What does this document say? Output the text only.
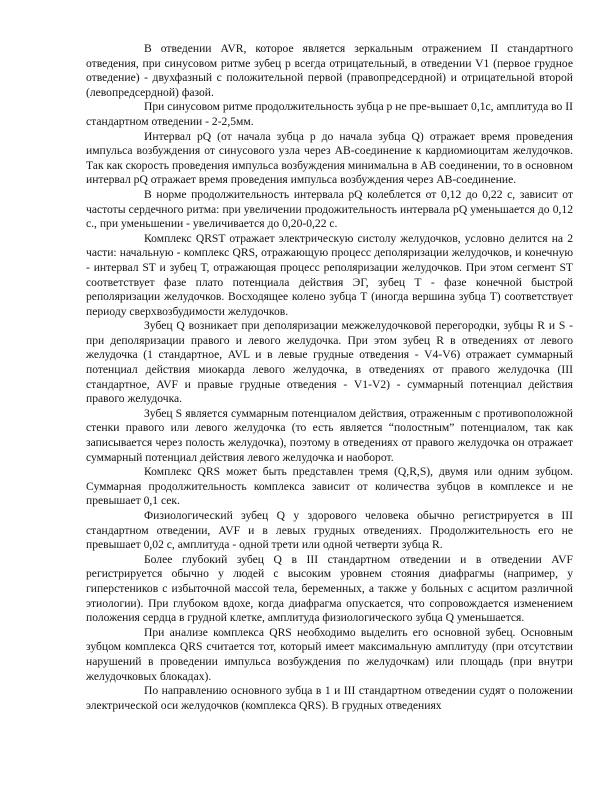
В отведении AVR, которое является зеркальным отражением II стандартного отведения, при синусовом ритме зубец р всегда отрицательный, в отведении V1 (первое грудное отведение) - двухфазный с положительной первой (правопредсердной) и отрицательной второй (левопредсердной) фазой.

При синусовом ритме продолжительность зубца р не пре-вышает 0,1с, амплитуда во II стандартном отведении - 2-2,5мм.

Интервал pQ (от начала зубца р до начала зубца Q) отражает время проведения импульса возбуждения от синусового узла через АВ-соединение к кардиомиоцитам желудочков. Так как скорость проведения импульса возбуждения минимальна в АВ соединении, то в основном интервал pQ отражает время проведения импульса возбуждения через АВ-соединение.

В норме продолжительность интервала pQ колеблется от 0,12 до 0,22 с, зависит от частоты сердечного ритма: при увеличении продожительность интервала pQ уменьшается до 0,12 с., при уменьшении - увеличивается до 0,20-0,22 с.

Комплекс QRST отражает электрическую систолу желудочков, условно делится на 2 части: начальную - комплекс QRS, отражающую процесс деполяризации желудочков, и конечную - интервал ST и зубец Т, отражающая процесс реполяризации желудочков. При этом сегмент ST соответствует фазе плато потенциала действия ЭГ, зубец Т - фазе конечной быстрой реполяризации желудочков. Восходящее колено зубца Т (иногда вершина зубца Т) соответствует периоду сверхвозбудимости желудочков.

Зубец Q возникает при деполяризации межжелудочковой перегородки, зубцы R и S - при деполяризации правого и левого желудочка. При этом зубец R в отведениях от левого желудочка (1 стандартное, AVL и в левые грудные отведения - V4-V6) отражает суммарный потенциал действия миокарда левого желудочка, в отведениях от правого желудочка (III стандартное, AVF и правые грудные отведения - V1-V2) - суммарный потенциал действия правого желудочка.

Зубец S является суммарным потенциалом действия, отраженным с противоположной стенки правого или левого желудочка (то есть является “полостным” потенциалом, так как записывается через полость желудочка), поэтому в отведениях от правого желудочка он отражает суммарный потенциал действия левого желудочка и наоборот.

Комплекс QRS может быть представлен тремя (Q,R,S), двумя или одним зубцом. Суммарная продолжительность комплекса зависит от количества зубцов в комплексе и не превышает 0,1 сек.

Физиологический зубец Q у здорового человека обычно регистрируется в III стандартном отведении, AVF и в левых грудных отведениях. Продолжительность его не превышает 0,02 с, амплитуда - одной трети или одной четверти зубца R.

Более глубокий зубец Q в III стандартном отведении и в отведении AVF регистрируется обычно у людей с высоким уровнем стояния диафрагмы (например, у гиперстеников с избыточной массой тела, беременных, а также у больных с асцитом различной этиологии). При глубоком вдохе, когда диафрагма опускается, что сопровождается изменением положения сердца в грудной клетке, амплитуда физиологического зубца Q уменьшается.

При анализе комплекса QRS необходимо выделить его основной зубец. Основным зубцом комплекса QRS считается тот, который имеет максимальную амплитуду (при отсутствии нарушений в проведении импульса возбуждения по желудочкам) или площадь (при внутри желудочковых блокадах).

По направлению основного зубца в 1 и III стандартном отведении судят о положении электрической оси желудочков (комплекса QRS). В грудных отведениях
